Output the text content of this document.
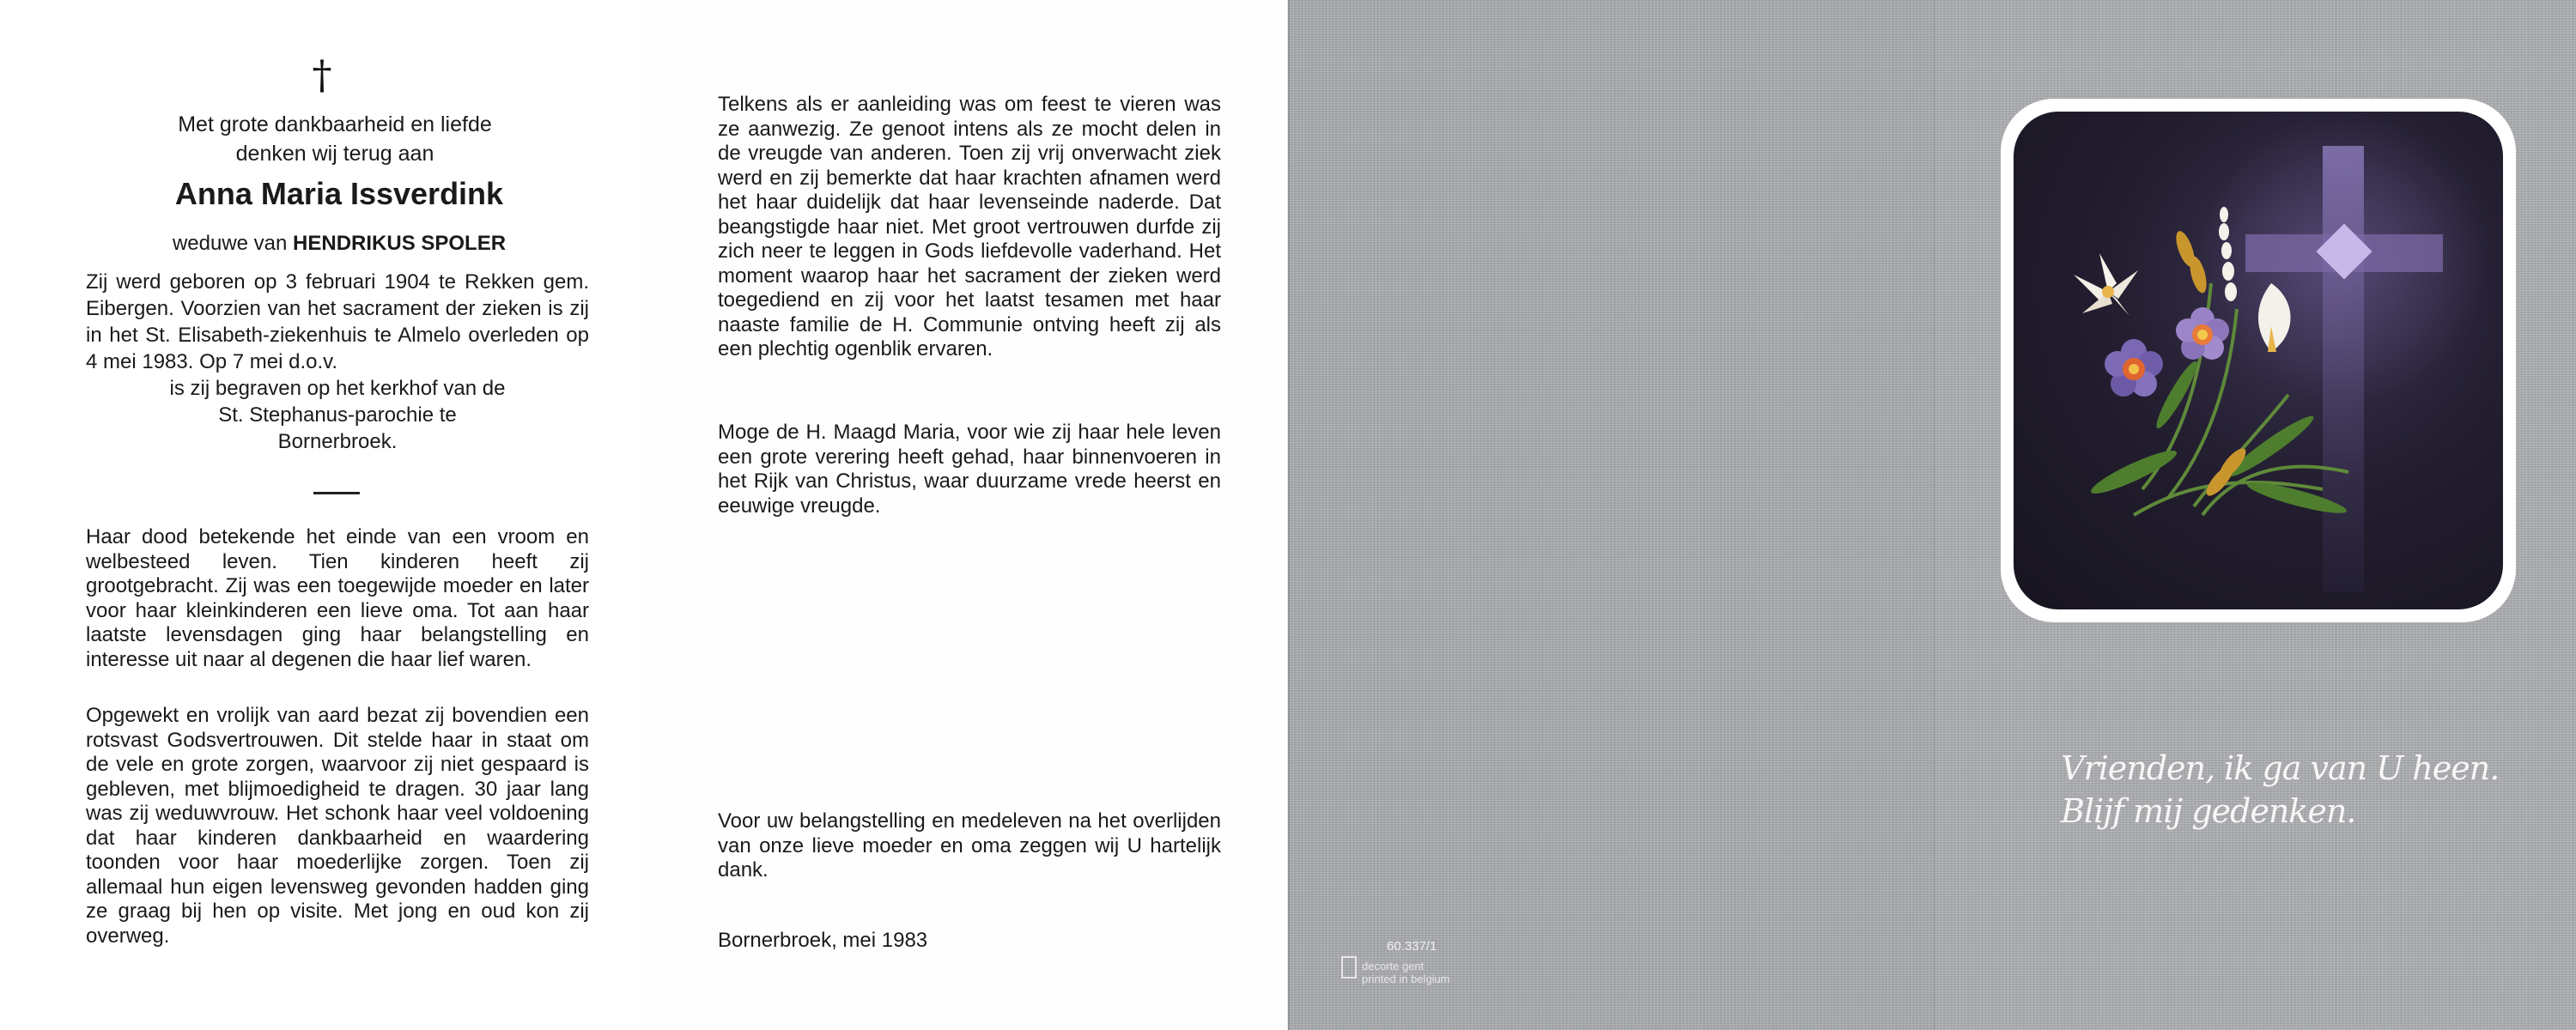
†
Met grote dankbaarheid en liefde denken wij terug aan
Anna Maria Issverdink
weduwe van HENDRIKUS SPOLER
Zij werd geboren op 3 februari 1904 te Rekken gem. Eibergen. Voorzien van het sacrament der zieken is zij in het St. Elisabeth-ziekenhuis te Almelo overleden op 4 mei 1983. Op 7 mei d.o.v.
is zij begraven op het kerkhof van de St. Stephanus-parochie te Bornerbroek.
Haar dood betekende het einde van een vroom en welbesteed leven. Tien kinderen heeft zij grootgebracht. Zij was een toegewijde moeder en later voor haar kleinkinderen een lieve oma. Tot aan haar laatste levensdagen ging haar belangstelling en interesse uit naar al degenen die haar lief waren.
Opgewekt en vrolijk van aard bezat zij bovendien een rotsvast Godsvertrouwen. Dit stelde haar in staat om de vele en grote zorgen, waarvoor zij niet gespaard is gebleven, met blijmoedigheid te dragen. 30 jaar lang was zij weduwvrouw. Het schonk haar veel voldoening dat haar kinderen dankbaarheid en waardering toonden voor haar moederlijke zorgen. Toen zij allemaal hun eigen levensweg gevonden hadden ging ze graag bij hen op visite. Met jong en oud kon zij overweg.
Telkens als er aanleiding was om feest te vieren was ze aanwezig. Ze genoot intens als ze mocht delen in de vreugde van anderen. Toen zij vrij onverwacht ziek werd en zij bemerkte dat haar krachten afnamen werd het haar duidelijk dat haar levenseinde naderde. Dat beangstigde haar niet. Met groot vertrouwen durfde zij zich neer te leggen in Gods liefdevolle vaderhand. Het moment waarop haar het sacrament der zieken werd toegediend en zij voor het laatst tesamen met haar naaste familie de H. Communie ontving heeft zij als een plechtig ogenblik ervaren.
Moge de H. Maagd Maria, voor wie zij haar hele leven een grote verering heeft gehad, haar binnenvoeren in het Rijk van Christus, waar duurzame vrede heerst en eeuwige vreugde.
Voor uw belangstelling en medeleven na het overlijden van onze lieve moeder en oma zeggen wij U hartelijk dank.
Bornerbroek, mei 1983
decorte gent
printed in belgium
60.337/1
Vrienden, ik ga van U heen. Blijf mij gedenken.
